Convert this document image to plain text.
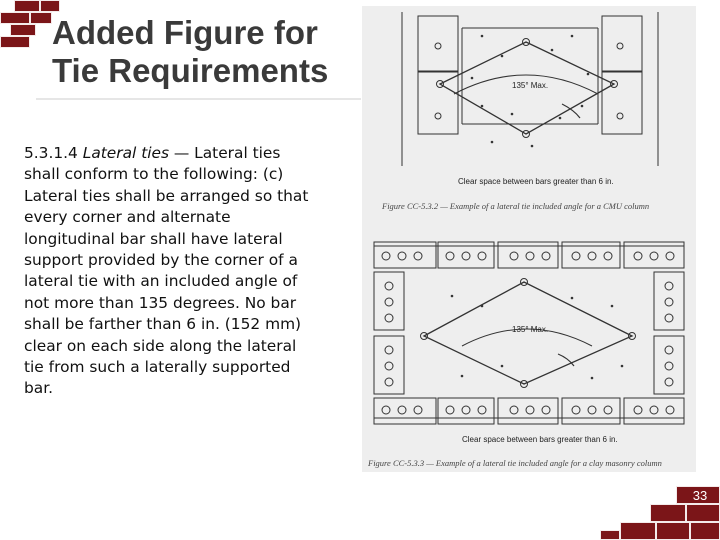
Added Figure for
Tie Requirements

5.3.1.4 Lateral ties — Lateral ties shall conform to the following: (c) Lateral ties shall be arranged so that every corner and alternate longitudinal bar shall have lateral support provided by the corner of a lateral tie with an included angle of not more than 135 degrees. No bar shall be farther than 6 in. (152 mm) clear on each side along the lateral tie from such a laterally supported bar.

135° Max.
Clear space between bars greater than 6 in.
Figure CC-5.3.2 — Example of a lateral tie included angle for a CMU column
135° Max.
Clear space between bars greater than 6 in.
Figure CC-5.3.3 — Example of a lateral tie included angle for a clay masonry column
33
